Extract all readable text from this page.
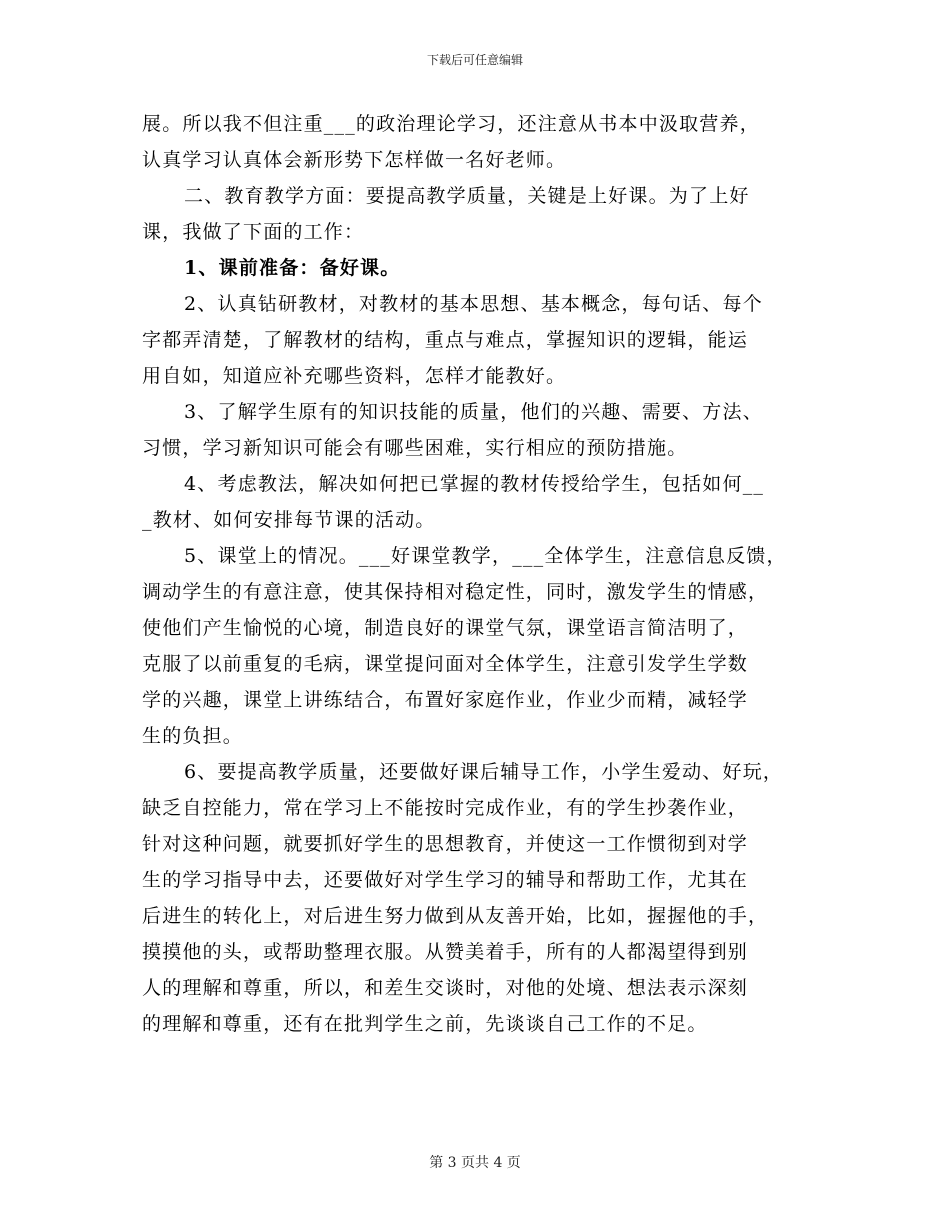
下载后可任意编辑
展。所以我不但注重___的政治理论学习，还注意从书本中汲取营养，
认真学习认真体会新形势下怎样做一名好老师。
二、教育教学方面：要提高教学质量，关键是上好课。为了上好
课，我做了下面的工作：
1、课前准备：备好课。
2、认真钻研教材，对教材的基本思想、基本概念，每句话、每个
字都弄清楚，了解教材的结构，重点与难点，掌握知识的逻辑，能运
用自如，知道应补充哪些资料，怎样才能教好。
3、了解学生原有的知识技能的质量，他们的兴趣、需要、方法、
习惯，学习新知识可能会有哪些困难，实行相应的预防措施。
4、考虑教法，解决如何把已掌握的教材传授给学生，包括如何__
_教材、如何安排每节课的活动。
5、课堂上的情况。___好课堂教学，___全体学生，注意信息反馈，
调动学生的有意注意，使其保持相对稳定性，同时，激发学生的情感，
使他们产生愉悦的心境，制造良好的课堂气氛，课堂语言简洁明了，
克服了以前重复的毛病，课堂提问面对全体学生，注意引发学生学数
学的兴趣，课堂上讲练结合，布置好家庭作业，作业少而精，减轻学
生的负担。
6、要提高教学质量，还要做好课后辅导工作，小学生爱动、好玩，
缺乏自控能力，常在学习上不能按时完成作业，有的学生抄袭作业，
针对这种问题，就要抓好学生的思想教育，并使这一工作惯彻到对学
生的学习指导中去，还要做好对学生学习的辅导和帮助工作，尤其在
后进生的转化上，对后进生努力做到从友善开始，比如，握握他的手，
摸摸他的头，或帮助整理衣服。从赞美着手，所有的人都渴望得到别
人的理解和尊重，所以，和差生交谈时，对他的处境、想法表示深刻
的理解和尊重，还有在批判学生之前，先谈谈自己工作的不足。
第 3 页共 4 页
